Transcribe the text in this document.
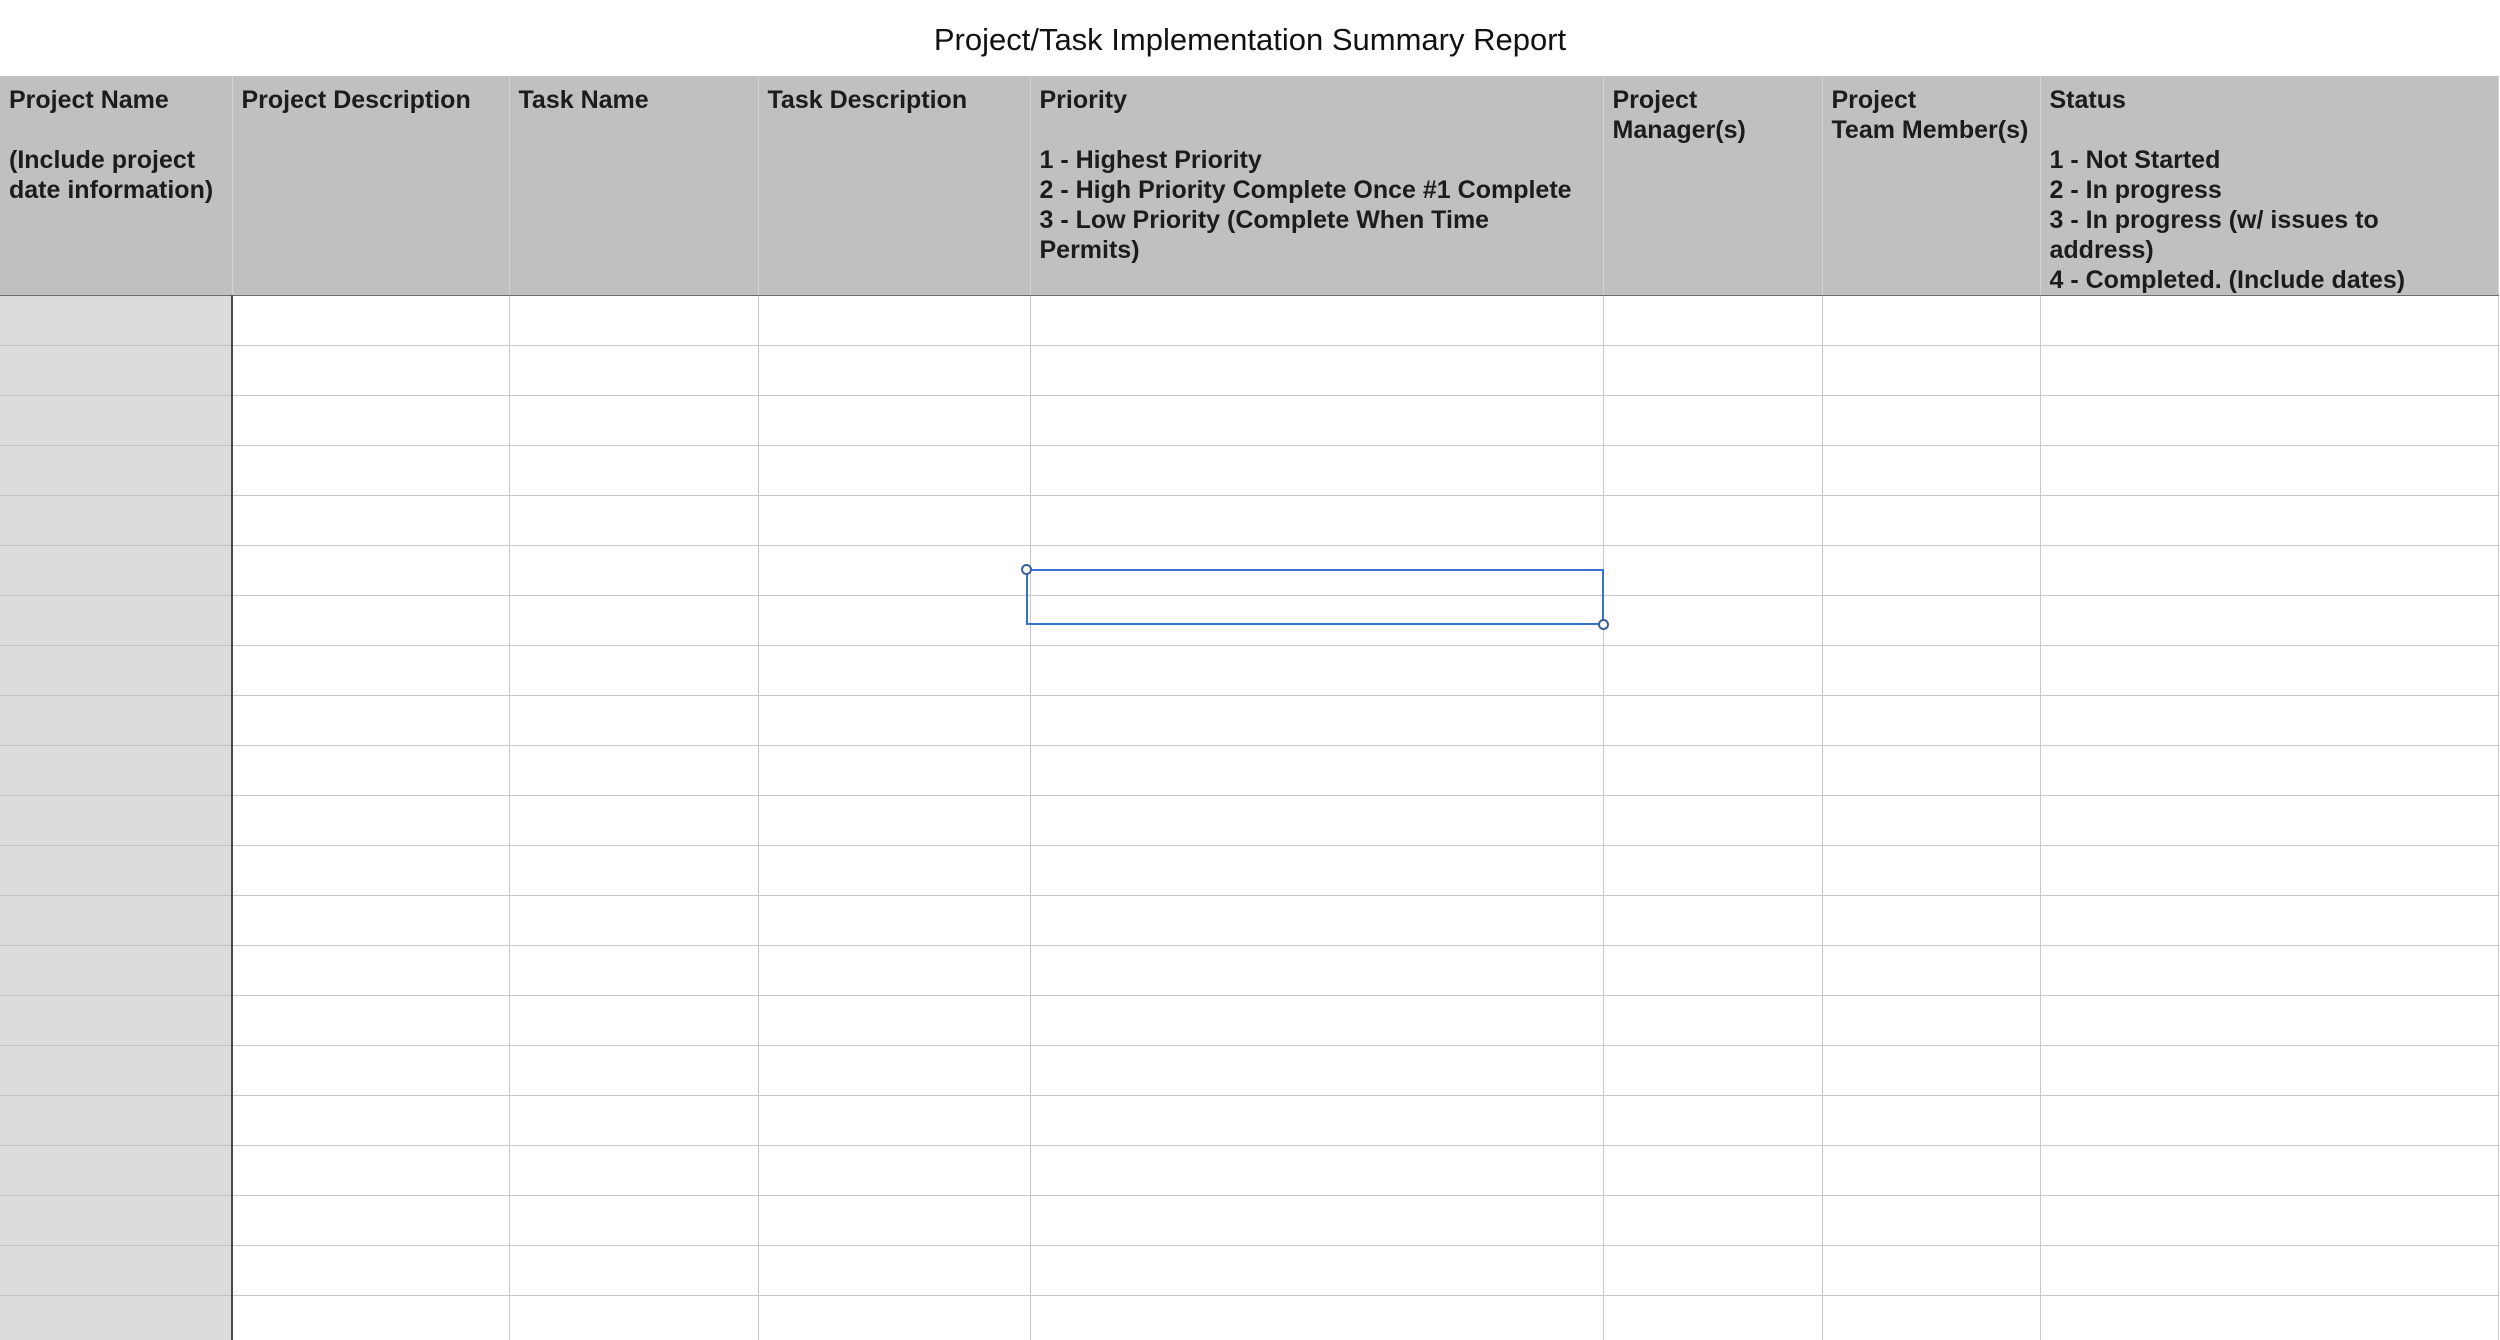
Project/Task Implementation Summary Report
Project Name

(Include project
date information)	Project Description	Task Name	Task Description	Priority

1 - Highest Priority
2 - High Priority Complete Once #1 Complete
3 - Low Priority (Complete When Time Permits)	Project
Manager(s)	Project
Team Member(s)	Status

1 - Not Started
2 - In progress
3 - In progress (w/ issues to address)
4 - Completed. (Include dates)
